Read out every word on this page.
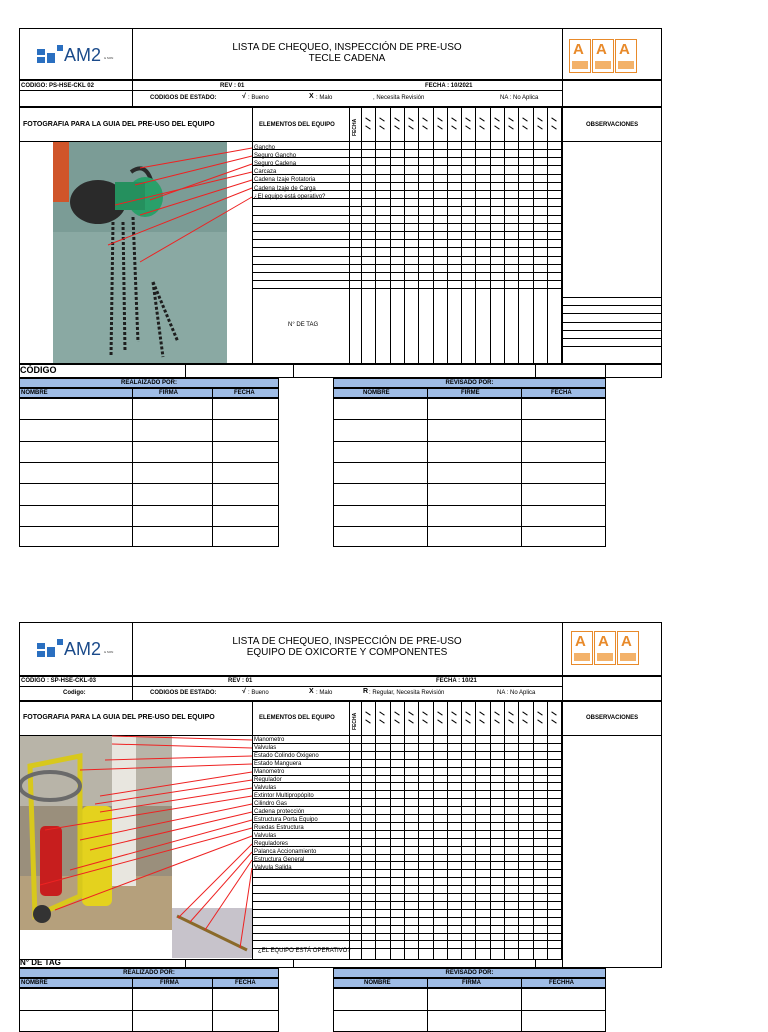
AM2 & SON
LISTA DE CHEQUEO, INSPECCIÓN DE PRE-USO
TECLE CADENA
A A A
CODIGO: PS-HSE-CKL 02	REV : 01	FECHA : 10/2021
CODIGOS DE ESTADO:	√ : Bueno	X : Malo	, Necesita Revisión	NA : No Aplica
FOTOGRAFIA PARA LA GUIA DEL PRE-USO DEL EQUIPO	ELEMENTOS DEL EQUIPO	FECHA	OBSERVACIONES
Gancho
Seguro Gancho
Seguro Cadena
Carcaza
Cadena Izaje Rotatoria
Cadena Izaje de Carga
¿El equipo está operativo?
N° DE TAG
CÓDIGO
REALAIZADO POR:	REVISADO POR:
NOMBRE	FIRMA	FECHA	NOMBRE	FIRME	FECHA
AM2 & SON
LISTA DE CHEQUEO, INSPECCIÓN DE PRE-USO
EQUIPO DE OXICORTE Y COMPONENTES
A A A
CODIGO : SP-HSE-CKL-03	REV : 01	FECHA : 10/21
Codigo:	CODIGOS DE ESTADO:	√ : Bueno	X : Malo	R : Regular, Necesita Revisión	NA : No Aplica
FOTOGRAFIA PARA LA GUIA DEL PRE-USO DEL EQUIPO	ELEMENTOS DEL EQUIPO	FECHA	OBSERVACIONES
Manometro
Valvulas
Estado Colindo Oxigeno
Estado Manguera
Manometro
Regulador
Valvulas
Extintor Multipropópito
Cilindro Gas
Cadena protección
Estructura Porta Equipo
Ruedas Estructura
Valvulas
Reguladores
Palanca Accionamiento
Estructura General
Valvula Salida
¿EL EQUIPO ESTÁ OPERATIVO?
N° DE TAG
REALIZADO POR:	REVISADO POR:
NOMBRE	FIRMA	FECHA	NOMBRE	FIRMA	FECHHA
